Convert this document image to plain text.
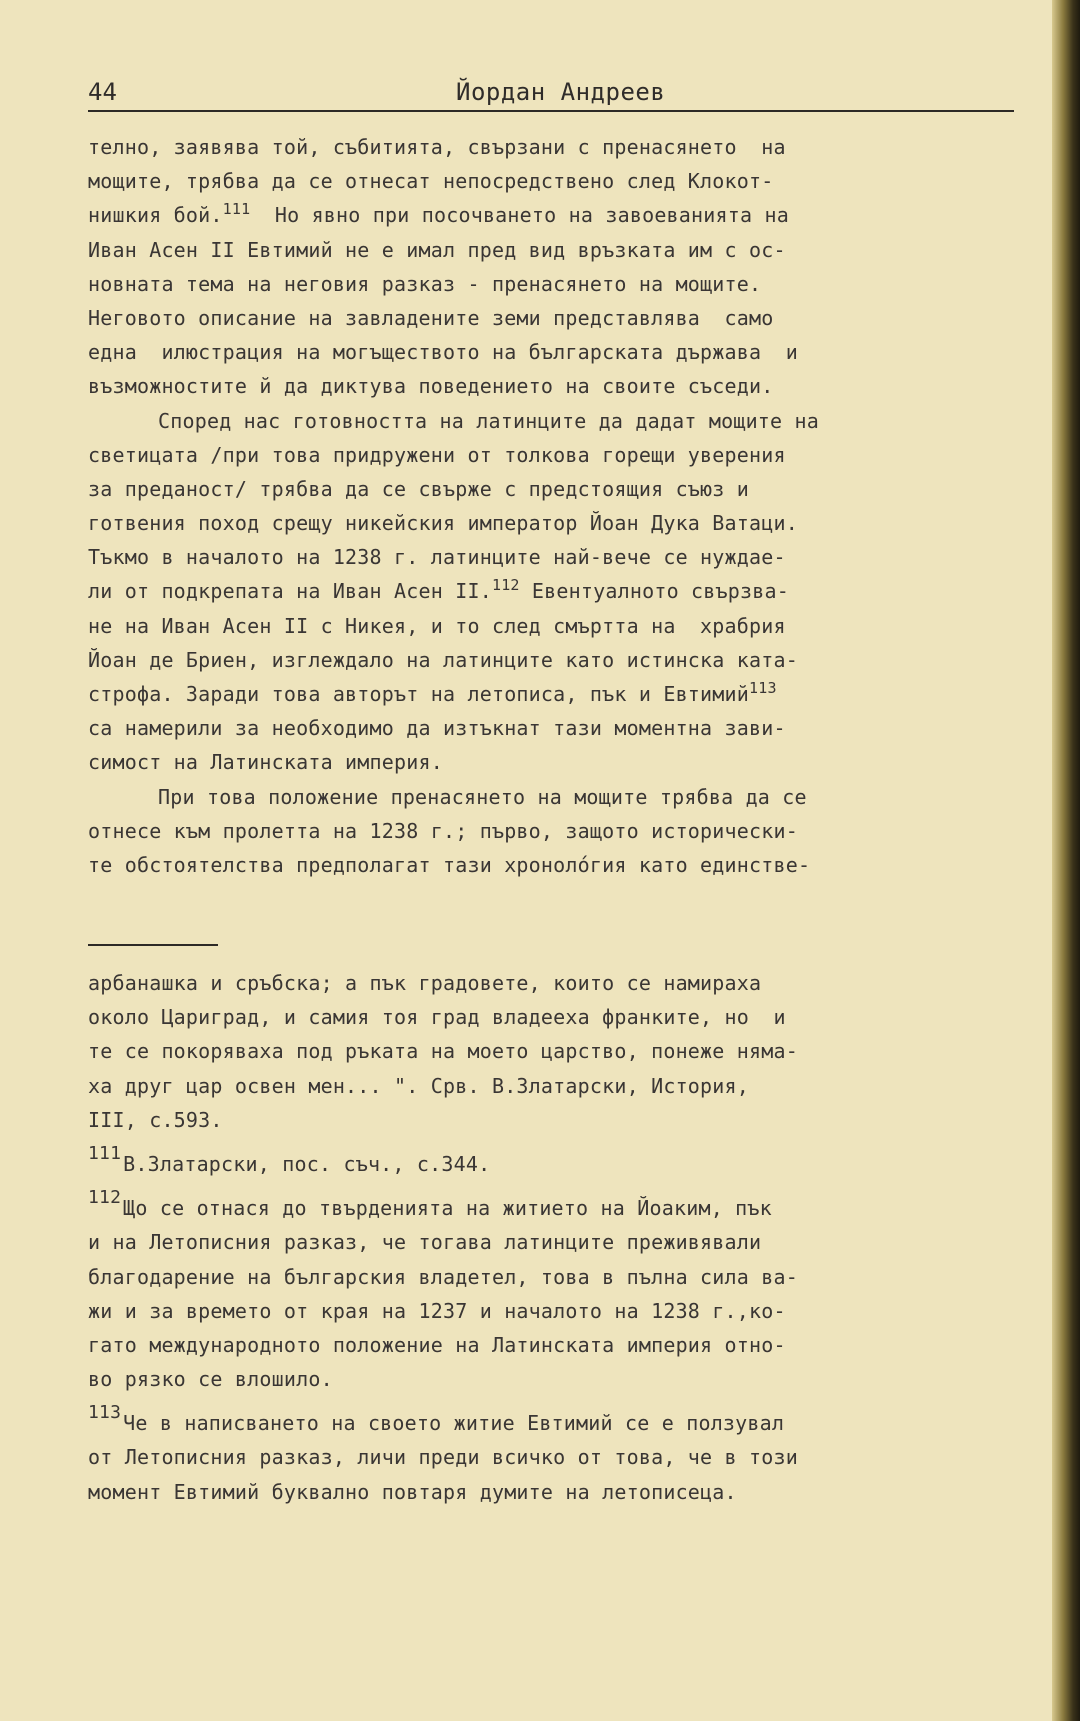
44	Йордан Андреев
телно, заявява той, събитията, свързани с пренасянето  на
мощите, трябва да се отнесат непосредствено след Клокот-
нишкия бой.$^{111}$  Но явно при посочването на завоеванията на
Иван Асен II Евтимий не е имал пред вид връзката им с ос-
новната тема на неговия разказ - пренасянето на мощите.
Неговото описание на завладените земи представлява  само
една  илюстрация на могъществото на българската държава  и
възможностите й да диктува поведението на своите съседи.
Според нас готовността на латинците да дадат мощите на
светицата /при това придружени от толкова горещи уверения
за преданост/ трябва да се свърже с предстоящия съюз и
готвения поход срещу никейския император Йоан Дука Ватаци.
Тъкмо в началото на 1238 г. латинците най-вече се нуждае-
ли от подкрепата на Иван Асен II.$^{112}$ Евентуалното свързва-
не на Иван Асен II с Никея, и то след смъртта на  храбрия
Йоан де Бриен, изглеждало на латинците като истинска ката-
строфа. Заради това авторът на летописа, пък и Евтимий$^{113}$
са намерили за необходимо да изтъкнат тази моментна зави-
симост на Латинската империя.
При това положение пренасянето на мощите трябва да се
отнесе към пролетта на 1238 г.; първо, защото исторически-
те обстоятелства предполагат тази хронолóгия като единстве-
арбанашка и сръбска; а пък градовете, които се намираха
около Цариград, и самия тоя град владееха франките, но  и
те се покоряваха под ръката на моето царство, понеже няма-
ха друг цар освен мен... ". Срв. В.Златарски, История,
III, с.593.
111 В.Златарски, пос. съч., с.344.
112 Що се отнася до твърденията на житието на Йоаким, пък
и на Летописния разказ, че тогава латинците преживявали
благодарение на българския владетел, това в пълна сила ва-
жи и за времето от края на 1237 и началото на 1238 г.,ко-
гато международното положение на Латинската империя отно-
во рязко се влошило.
113 Че в написването на своето житие Евтимий се е ползувал
от Летописния разказ, личи преди всичко от това, че в този
момент Евтимий буквално повтаря думите на летописеца.
